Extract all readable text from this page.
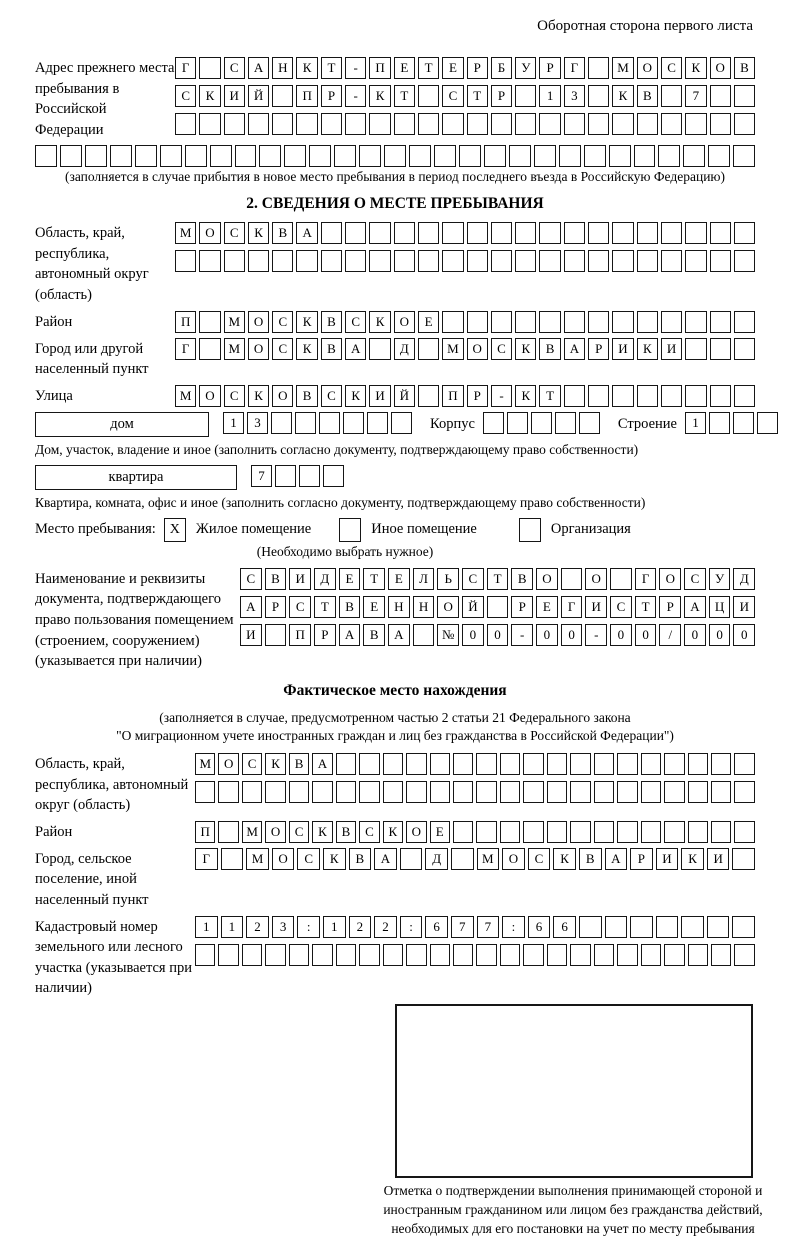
Оборотная сторона первого листа
Адрес прежнего места пребывания в Российской Федерации
Г	С	А	Н	К	Т	-	П	Е	Т	Е	Р	Б	У	Р	Г	М	О	С	К	О	В
С	К	И	Й	П	Р	-	К	Т	С	Т	Р	1	3	К	В	7
(заполняется в случае прибытия в новое место пребывания в период последнего въезда в Российскую Федерацию)
2. СВЕДЕНИЯ О МЕСТЕ ПРЕБЫВАНИЯ
Область, край, республика, автономный округ (область)
М	О	С	К	В	А
Район	П	М	О	С	К	В	С	К	О	Е
Город или другой населенный пункт
Г	М	О	С	К	В	А	Д	М	О	С	К	В	А	Р	И	К	И
Улица	М	О	С	К	О	В	С	К	И	Й	П	Р	-	К	Т
дом	1	3	Корпус	Строение	1
Дом, участок, владение и иное (заполнить согласно документу, подтверждающему право собственности)
квартира	7
Квартира, комната, офис и иное (заполнить согласно документу, подтверждающему право собственности)
Место пребывания: X	Жилое помещение	Иное помещение	Организация
(Необходимо выбрать нужное)
Наименование и реквизиты документа, подтверждающего право пользования помещением (строением, сооружением) (указывается при наличии)
С	В	И	Д	Е	Т	Е	Л	Ь	С	Т	В	О	О	Г	О	С	У	Д
А	Р	С	Т	В	Е	Н	Н	О	Й	Р	Е	Г	И	С	Т	Р	А	Ц	И
И	П	Р	А	В	А	№	0	0	-	0	0	-	0	0	/	0	0	0
Фактическое место нахождения
(заполняется в случае, предусмотренном частью 2 статьи 21 Федерального закона
"О миграционном учете иностранных граждан и лиц без гражданства в Российской Федерации")
Область, край, республика, автономный округ (область)
М О	С	К	В	А
Район	П	М О	С	К	В	С	К	О	Е
Город, сельское поселение, иной населенный пункт
Г	М	О	С	К	В	А	Д	М	О	С	К	В	А	Р	И	К	И
Кадастровый номер земельного или лесного участка (указывается при наличии)
1	1	2	3	:	1	2	2	:	6	7	7	:	6	6
Отметка о подтверждении выполнения принимающей стороной и иностранным гражданином или лицом без гражданства действий, необходимых для его постановки на учет по месту пребывания
